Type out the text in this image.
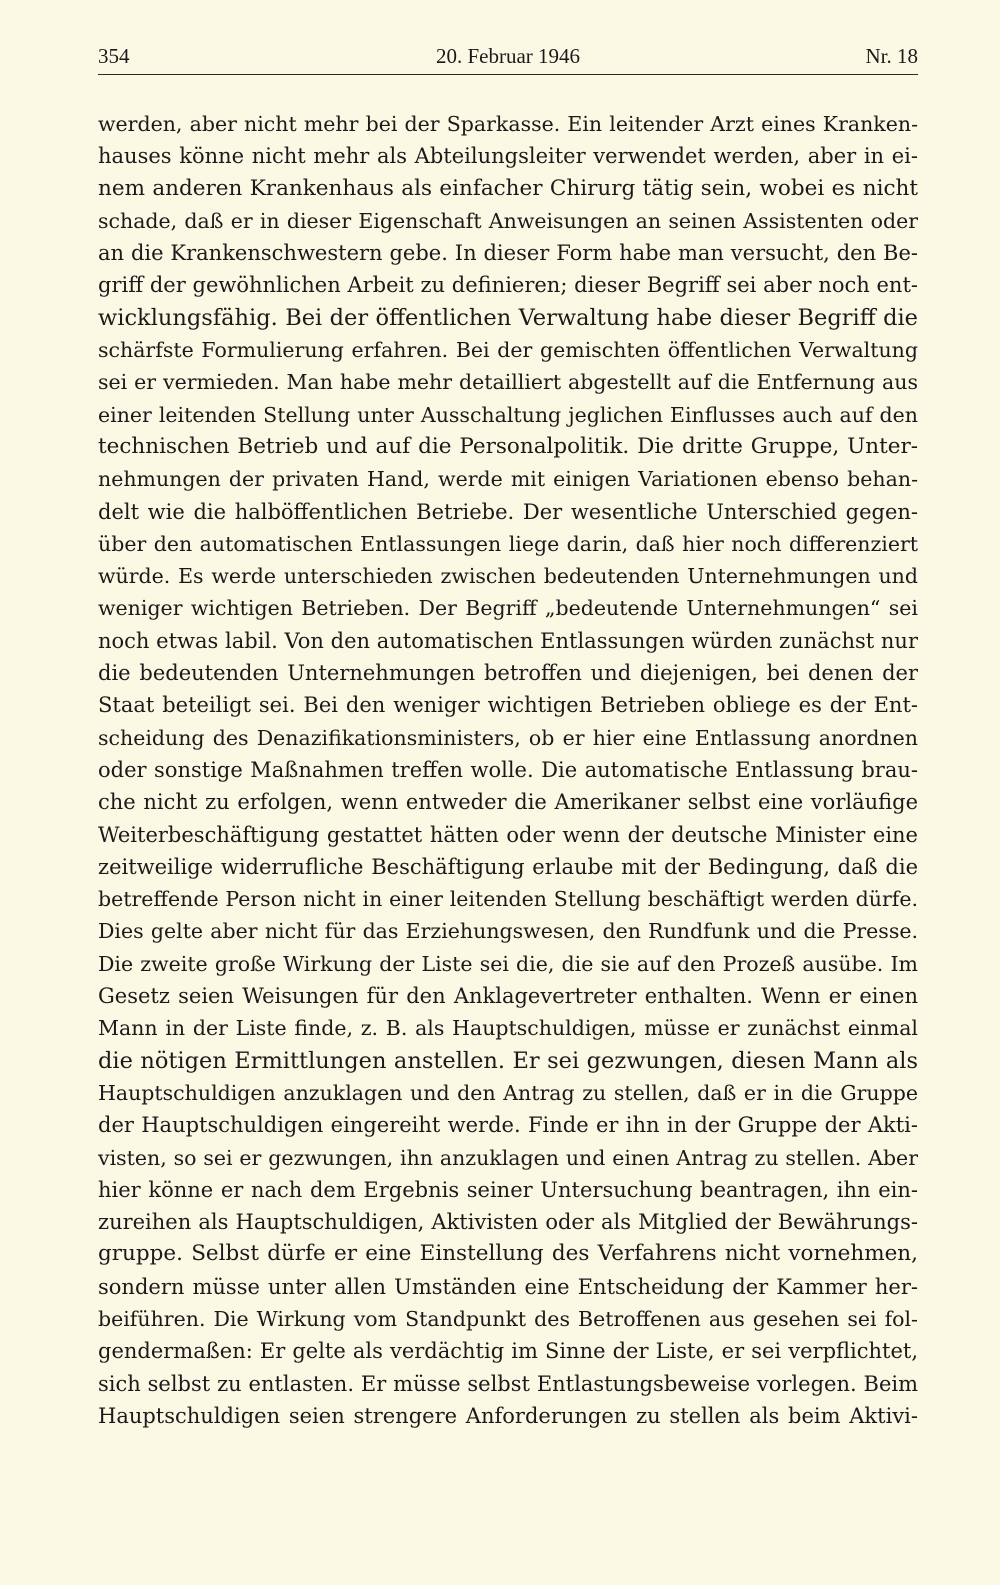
354	20. Februar 1946	Nr. 18
werden, aber nicht mehr bei der Sparkasse. Ein leitender Arzt eines Kranken-
hauses könne nicht mehr als Abteilungsleiter verwendet werden, aber in ei-
nem anderen Krankenhaus als einfacher Chirurg tätig sein, wobei es nicht
schade, daß er in dieser Eigenschaft Anweisungen an seinen Assistenten oder
an die Krankenschwestern gebe. In dieser Form habe man versucht, den Be-
griff der gewöhnlichen Arbeit zu definieren; dieser Begriff sei aber noch ent-
wicklungsfähig. Bei der öffentlichen Verwaltung habe dieser Begriff die
schärfste Formulierung erfahren. Bei der gemischten öffentlichen Verwaltung
sei er vermieden. Man habe mehr detailliert abgestellt auf die Entfernung aus
einer leitenden Stellung unter Ausschaltung jeglichen Einflusses auch auf den
technischen Betrieb und auf die Personalpolitik. Die dritte Gruppe, Unter-
nehmungen der privaten Hand, werde mit einigen Variationen ebenso behan-
delt wie die halböffentlichen Betriebe. Der wesentliche Unterschied gegen-
über den automatischen Entlassungen liege darin, daß hier noch differenziert
würde. Es werde unterschieden zwischen bedeutenden Unternehmungen und
weniger wichtigen Betrieben. Der Begriff „bedeutende Unternehmungen“ sei
noch etwas labil. Von den automatischen Entlassungen würden zunächst nur
die bedeutenden Unternehmungen betroffen und diejenigen, bei denen der
Staat beteiligt sei. Bei den weniger wichtigen Betrieben obliege es der Ent-
scheidung des Denazifikationsministers, ob er hier eine Entlassung anordnen
oder sonstige Maßnahmen treffen wolle. Die automatische Entlassung brau-
che nicht zu erfolgen, wenn entweder die Amerikaner selbst eine vorläufige
Weiterbeschäftigung gestattet hätten oder wenn der deutsche Minister eine
zeitweilige widerrufliche Beschäftigung erlaube mit der Bedingung, daß die
betreffende Person nicht in einer leitenden Stellung beschäftigt werden dürfe.
Dies gelte aber nicht für das Erziehungswesen, den Rundfunk und die Presse.
Die zweite große Wirkung der Liste sei die, die sie auf den Prozeß ausübe. Im
Gesetz seien Weisungen für den Anklagevertreter enthalten. Wenn er einen
Mann in der Liste finde, z. B. als Hauptschuldigen, müsse er zunächst einmal
die nötigen Ermittlungen anstellen. Er sei gezwungen, diesen Mann als
Hauptschuldigen anzuklagen und den Antrag zu stellen, daß er in die Gruppe
der Hauptschuldigen eingereiht werde. Finde er ihn in der Gruppe der Akti-
visten, so sei er gezwungen, ihn anzuklagen und einen Antrag zu stellen. Aber
hier könne er nach dem Ergebnis seiner Untersuchung beantragen, ihn ein-
zureihen als Hauptschuldigen, Aktivisten oder als Mitglied der Bewährungs-
gruppe. Selbst dürfe er eine Einstellung des Verfahrens nicht vornehmen,
sondern müsse unter allen Umständen eine Entscheidung der Kammer her-
beiführen. Die Wirkung vom Standpunkt des Betroffenen aus gesehen sei fol-
gendermaßen: Er gelte als verdächtig im Sinne der Liste, er sei verpflichtet,
sich selbst zu entlasten. Er müsse selbst Entlastungsbeweise vorlegen. Beim
Hauptschuldigen seien strengere Anforderungen zu stellen als beim Aktivi-
